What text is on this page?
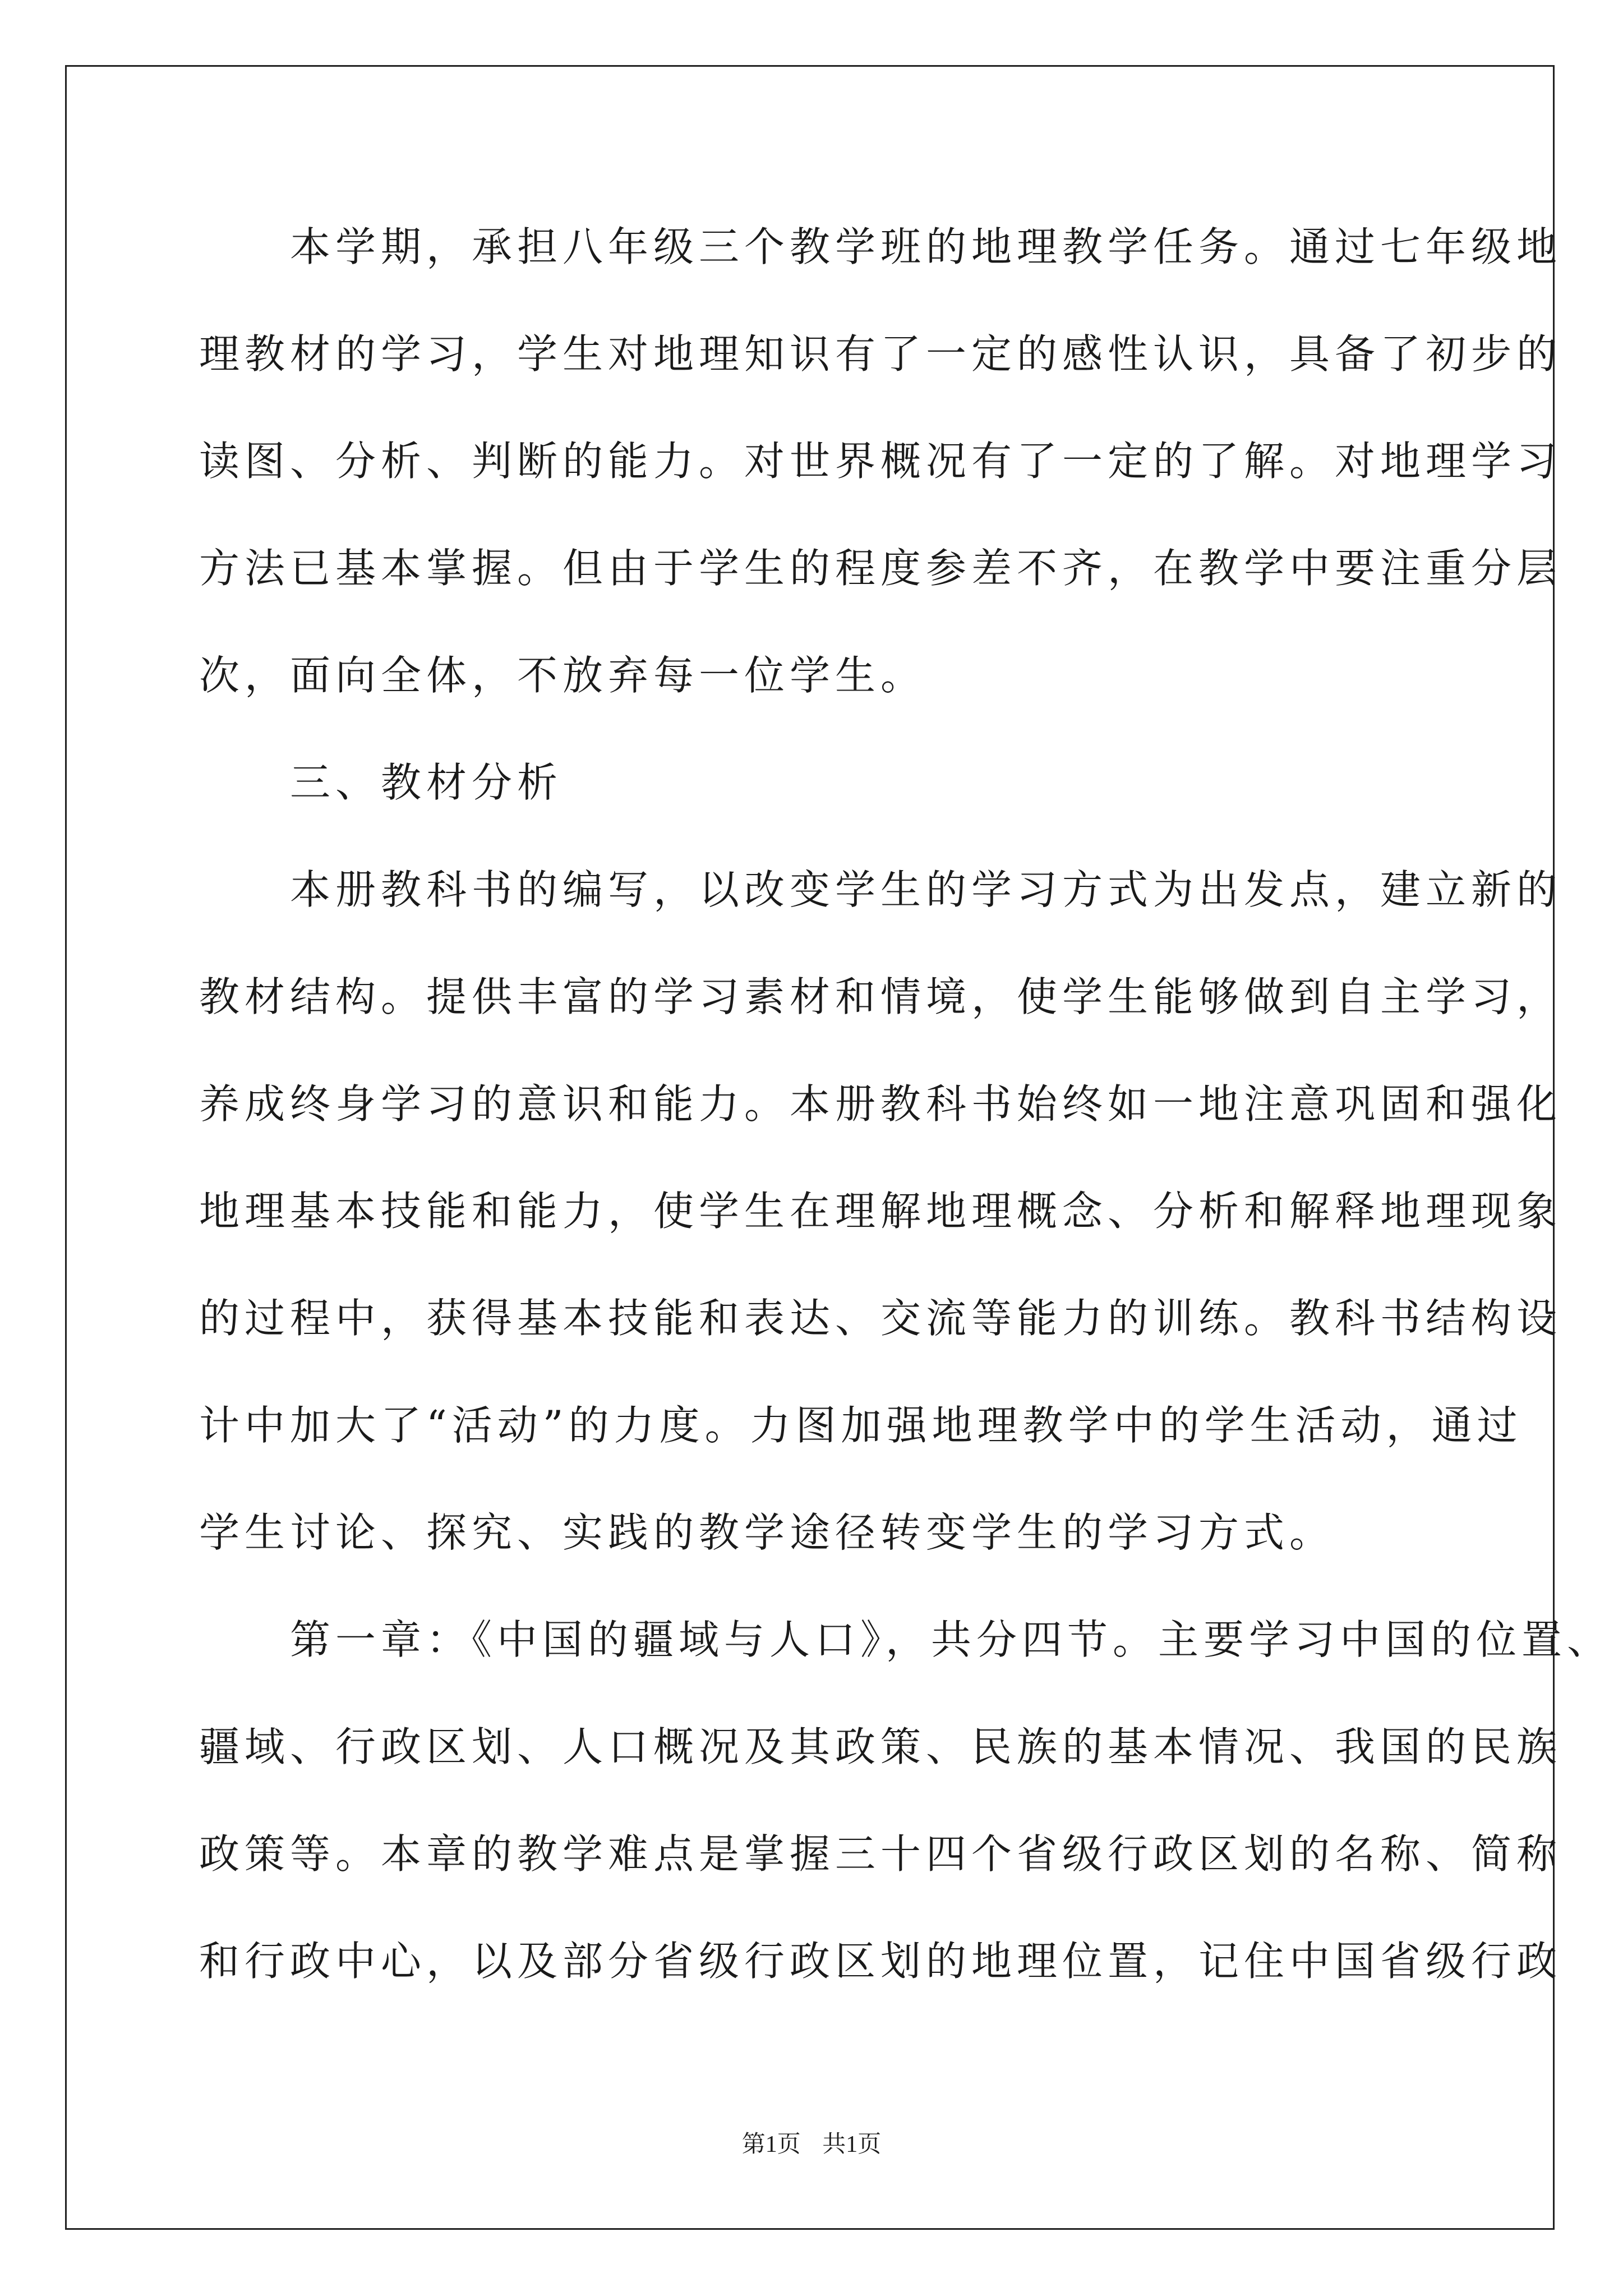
　　本学期，承担八年级三个教学班的地理教学任务。通过七年级地
理教材的学习，学生对地理知识有了一定的感性认识，具备了初步的
读图、分析、判断的能力。对世界概况有了一定的了解。对地理学习
方法已基本掌握。但由于学生的程度参差不齐，在教学中要注重分层
次，面向全体，不放弃每一位学生。
　　三、教材分析
　　本册教科书的编写，以改变学生的学习方式为出发点，建立新的
教材结构。提供丰富的学习素材和情境，使学生能够做到自主学习，
养成终身学习的意识和能力。本册教科书始终如一地注意巩固和强化
地理基本技能和能力，使学生在理解地理概念、分析和解释地理现象
的过程中，获得基本技能和表达、交流等能力的训练。教科书结构设
计中加大了“活动”的力度。力图加强地理教学中的学生活动，通过
学生讨论、探究、实践的教学途径转变学生的学习方式。
　　第一章：《中国的疆域与人口》，共分四节。主要学习中国的位置、
疆域、行政区划、人口概况及其政策、民族的基本情况、我国的民族
政策等。本章的教学难点是掌握三十四个省级行政区划的名称、简称
和行政中心，以及部分省级行政区划的地理位置，记住中国省级行政
第1页 共1页
